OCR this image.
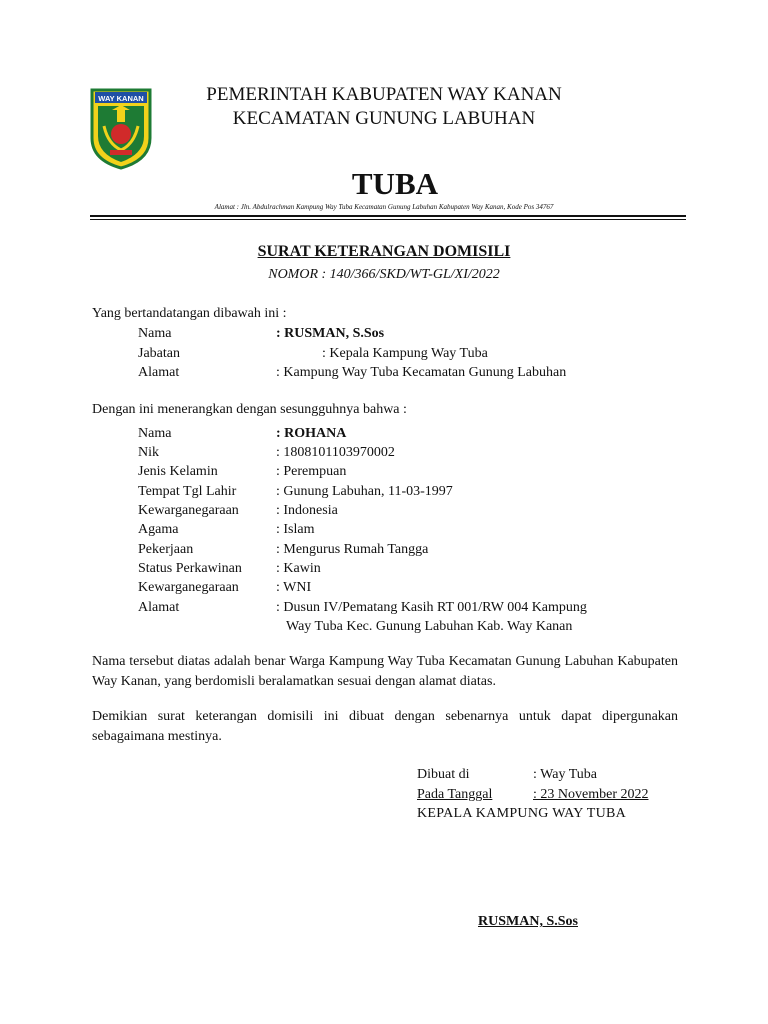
WAY KANAN	PEMERINTAH KABUPATEN WAY KANAN
KECAMATAN GUNUNG LABUHAN
TUBA
Alamat : Jln. Abdulrachman Kampung Way Tuba Kecamatan Gunung Labuhan Kabupaten Way Kanan, Kode Pos 34767
SURAT KETERANGAN DOMISILI
NOMOR : 140/366/SKD/WT-GL/XI/2022
Yang bertandatangan dibawah ini :
Nama	: RUSMAN, S.Sos
Jabatan	: Kepala Kampung Way Tuba
Alamat	: Kampung Way Tuba Kecamatan Gunung Labuhan
Dengan ini menerangkan dengan sesungguhnya bahwa :
Nama	: ROHANA
Nik	: 1808101103970002
Jenis Kelamin	: Perempuan
Tempat Tgl Lahir	: Gunung Labuhan, 11-03-1997
Kewarganegaraan	: Indonesia
Agama	: Islam
Pekerjaan	: Mengurus Rumah Tangga
Status Perkawinan : Kawin
Kewarganegaraan	: WNI
Alamat	: Dusun IV/Pematang Kasih RT 001/RW 004 Kampung
Way Tuba Kec. Gunung Labuhan Kab. Way Kanan
Nama tersebut diatas adalah benar Warga Kampung Way Tuba Kecamatan Gunung Labuhan Kabupaten Way Kanan, yang berdomisli beralamatkan sesuai dengan alamat diatas.
Demikian surat keterangan domisili ini dibuat dengan sebenarnya untuk dapat dipergunakan sebagaimana mestinya.
Dibuat di	: Way Tuba
Pada Tanggal	: 23 November 2022
KEPALA KAMPUNG WAY TUBA
RUSMAN, S.Sos
